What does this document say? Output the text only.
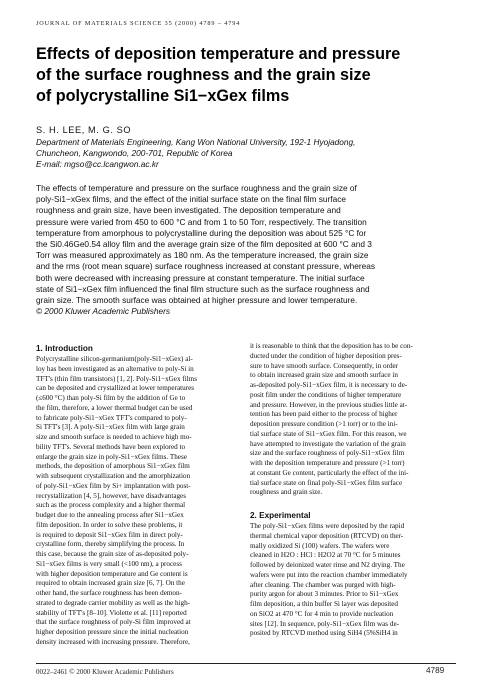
JOURNAL OF MATERIALS SCIENCE 35 (2000) 4789 – 4794
Effects of deposition temperature and pressure
of the surface roughness and the grain size
of polycrystalline Si1−xGex films
S. H. LEE, M. G. SO
Department of Materials Engineering, Kang Won National University, 192-1 Hyojadong,
Chuncheon, Kangwondo, 200-701, Republic of Korea
E-mail: mgso@cc.lcangwon.ac.kr
The effects of temperature and pressure on the surface roughness and the grain size of
poly-Si1−xGex films, and the effect of the initial surface state on the final film surface
roughness and grain size, have been investigated. The deposition temperature and
pressure were varied from 450 to 600 °C and from 1 to 50 Torr, respectively. The transition
temperature from amorphous to polycrystalline during the deposition was about 525 °C for
the Si0.46Ge0.54 alloy film and the average grain size of the film deposited at 600 °C and 3
Torr was measured approximately as 180 nm. As the temperature increased, the grain size
and the rms (root mean square) surface roughness increased at constant pressure, whereas
both were decreased with increasing pressure at constant temperature. The initial surface
state of Si1−xGex film influenced the final film structure such as the surface roughness and
grain size. The smooth surface was obtained at higher pressure and lower temperature.
© 2000 Kluwer Academic Publishers
1. Introduction
Polycrystalline silicon-germanium(poly-Si1−xGex) al-
loy has been investigated as an alternative to poly-Si in
TFT's (thin film transistors) [1, 2]. Poly-Si1−xGex films
can be deposited and crystallized at lower temperatures
(≤600 °C) than poly-Si film by the addition of Ge to
the film, therefore, a lower thermal budget can be used
to fabricate poly-Si1−xGex TFT's compared to poly-
Si TFT's [3]. A poly-Si1−xGex film with large grain
size and smooth surface is needed to achieve high mo-
bility TFT's. Several methods have been explored to
enlarge the grain size in poly-Si1−xGex films. These
methods, the deposition of amorphous Si1−xGex film
with subsequent crystallization and the amorphization
of poly-Si1−xGex film by Si+ implantation with post-
recrystallization [4, 5], however, have disadvantages
such as the process complexity and a higher thermal
budget due to the annealing process after Si1−xGex
film deposition. In order to solve these problems, it
is required to deposit Si1−xGex film in direct poly-
crystalline form, thereby simplifying the process. In
this case, because the grain size of as-deposited poly-
Si1−xGex films is very small (<100 nm), a process
with higher deposition temperature and Ge content is
required to obtain increased grain size [6, 7]. On the
other hand, the surface roughness has been demon-
strated to degrade carrier mobility as well as the high-
stability of TFT's [8–10]. Violette et al. [11] reported
that the surface roughness of poly-Si film improved at
higher deposition pressure since the initial nucleation
density increased with increasing pressure. Therefore,
it is reasonable to think that the deposition has to be con-
ducted under the condition of higher deposition pres-
sure to have smooth surface. Consequently, in order
to obtain increased grain size and smooth surface in
as-deposited poly-Si1−xGex film, it is necessary to de-
posit film under the conditions of higher temperature
and pressure. However, in the previous studies little at-
tention has been paid either to the process of higher
deposition pressure condition (>1 torr) or to the ini-
tial surface state of Si1−xGex film. For this reason, we
have attempted to investigate the variation of the grain
size and the surface roughness of poly-Si1−xGex film
with the deposition temperature and pressure (>1 torr)
at constant Ge content, particularly the effect of the ini-
tial surface state on final poly-Si1−xGex film surface
roughness and grain size.
2. Experimental
The poly-Si1−xGex films were deposited by the rapid
thermal chemical vapor deposition (RTCVD) on ther-
mally oxidized Si (100) wafers. The wafers were
cleaned in H2O : HCl : H2O2 at 70 °C for 5 minutes
followed by deionized water rinse and N2 drying. The
wafers were put into the reaction chamber immediately
after cleaning. The chamber was purged with high-
purity argon for about 3 minutes. Prior to Si1−xGex
film deposition, a thin buffer Si layer was deposited
on SiO2 at 470 °C for 4 min to provide nucleation
sites [12]. In sequence, poly-Si1−xGex film was de-
posited by RTCVD method using SiH4 (5%SiH4 in
0022–2461 © 2000 Kluwer Academic Publishers	4789
